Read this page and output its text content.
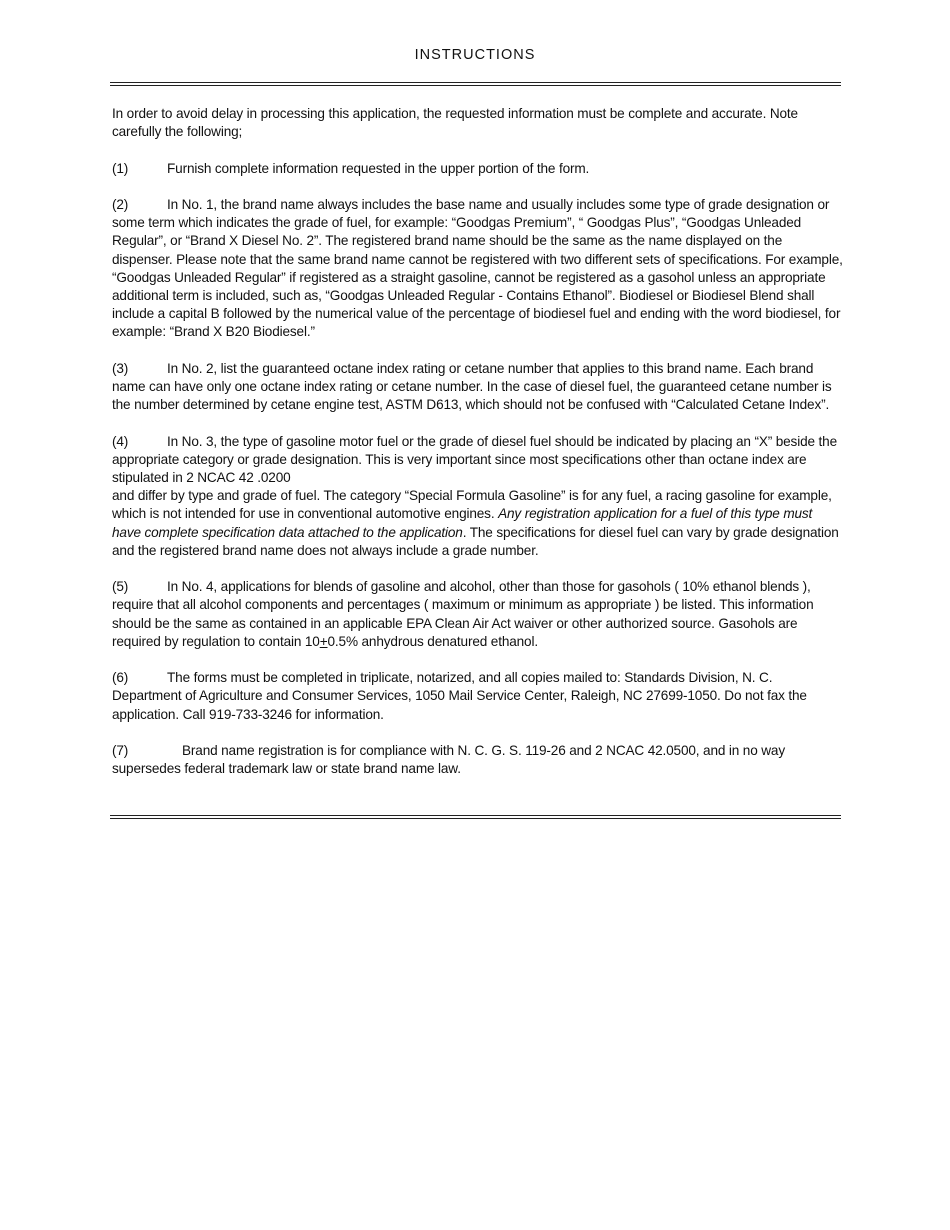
INSTRUCTIONS

In order to avoid delay in processing this application, the requested information must be complete and accurate. Note carefully the following;

(1)	Furnish complete information requested in the upper portion of the form.

(2)	In No. 1, the brand name always includes the base name and usually includes some type of grade designation or some term which indicates the grade of fuel, for example: “Goodgas Premium”, “ Goodgas Plus”, “Goodgas Unleaded Regular”, or “Brand X Diesel No. 2”. The registered brand name should be the same as the name displayed on the dispenser. Please note that the same brand name cannot be registered with two different sets of specifications. For example, “Goodgas Unleaded Regular” if registered as a straight gasoline, cannot be registered as a gasohol unless an appropriate additional term is included, such as, “Goodgas Unleaded Regular - Contains Ethanol”. Biodiesel or Biodiesel Blend shall include a capital B followed by the numerical value of the percentage of biodiesel fuel and ending with the word biodiesel, for example: “Brand X B20 Biodiesel.”

(3)	In No. 2, list the guaranteed octane index rating or cetane number that applies to this brand name. Each brand name can have only one octane index rating or cetane number. In the case of diesel fuel, the guaranteed cetane number is the number determined by cetane engine test, ASTM D613, which should not be confused with “Calculated Cetane Index”.

(4)	In No. 3, the type of gasoline motor fuel or the grade of diesel fuel should be indicated by placing an “X” beside the appropriate category or grade designation. This is very important since most specifications other than octane index are stipulated in 2 NCAC 42 .0200
and differ by type and grade of fuel. The category “Special Formula Gasoline” is for any fuel, a racing gasoline for example, which is not intended for use in conventional automotive engines. Any registration application for a fuel of this type must have complete specification data attached to the application. The specifications for diesel fuel can vary by grade designation and the registered brand name does not always include a grade number.

(5)	In No. 4, applications for blends of gasoline and alcohol, other than those for gasohols ( 10% ethanol blends ), require that all alcohol components and percentages ( maximum or minimum as appropriate ) be listed. This information should be the same as contained in an applicable EPA Clean Air Act waiver or other authorized source. Gasohols are required by regulation to contain 10+0.5% anhydrous denatured ethanol.

(6)	The forms must be completed in triplicate, notarized, and all copies mailed to: Standards Division, N. C. Department of Agriculture and Consumer Services, 1050 Mail Service Center, Raleigh, NC 27699-1050. Do not fax the application. Call 919-733-3246 for information.

(7)	Brand name registration is for compliance with N. C. G. S. 119-26 and 2 NCAC 42.0500, and in no way supersedes federal trademark law or state brand name law.
